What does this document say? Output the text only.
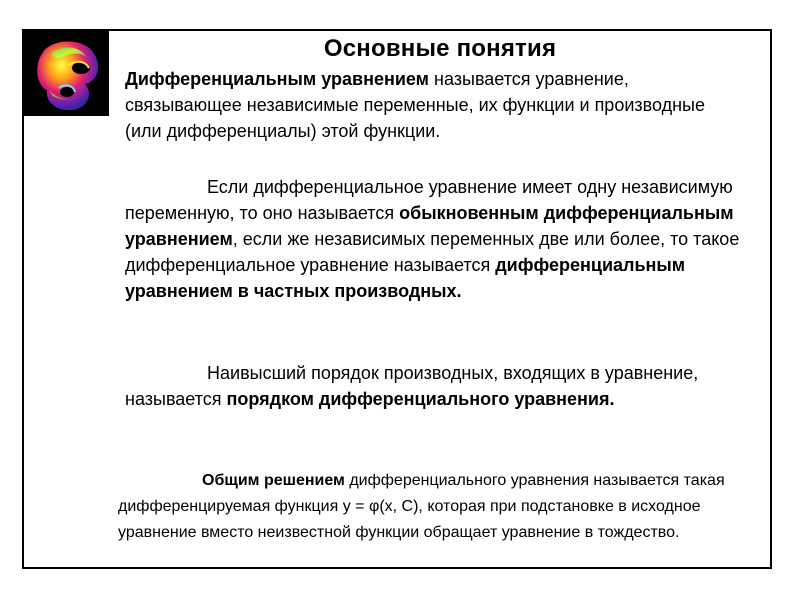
Основные понятия

Дифференциальным уравнением называется уравнение, связывающее независимые переменные, их функции и производные (или дифференциалы) этой функции.

Если дифференциальное уравнение имеет одну независимую переменную, то оно называется обыкновенным дифференциальным уравнением, если же независимых переменных две или более, то такое дифференциальное уравнение называется дифференциальным уравнением в частных производных.

Наивысший порядок производных, входящих в уравнение, называется порядком дифференциального уравнения.

Общим решением дифференциального уравнения называется такая дифференцируемая функция y = φ(x, C), которая при подстановке в исходное уравнение вместо неизвестной функции обращает уравнение в тождество.
